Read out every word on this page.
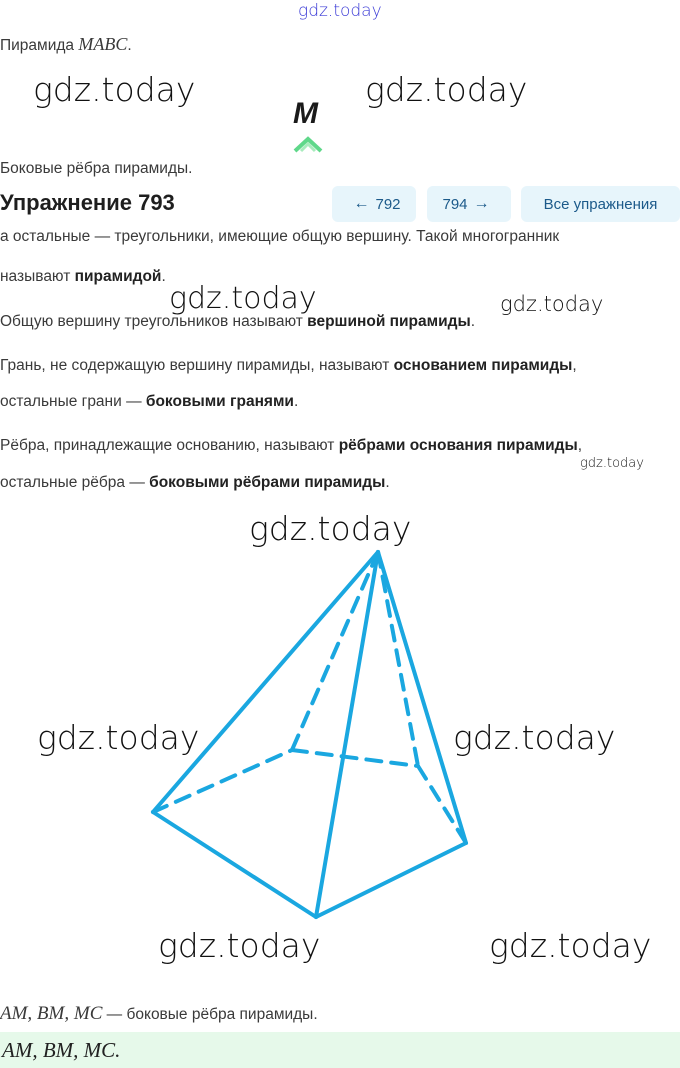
gdz.today
Пирамида MABC.
gdz.today	gdz.today
M
Боковые рёбра пирамиды.
Упражнение 793	← 792	794 →	Все упражнения
а остальные — треугольники, имеющие общую вершину. Такой многогранник
называют пирамидой.
gdz.today	gdz.today
Общую вершину треугольников называют вершиной пирамиды.
Грань, не содержащую вершину пирамиды, называют основанием пирамиды,
остальные грани — боковыми гранями.
Рёбра, принадлежащие основанию, называют рёбрами основания пирамиды,
gdz.today
остальные рёбра — боковыми рёбрами пирамиды.
gdz.today
gdz.today	gdz.today
gdz.today	gdz.today
AM, BM, MC — боковые рёбра пирамиды.
AM, BM, MC.
